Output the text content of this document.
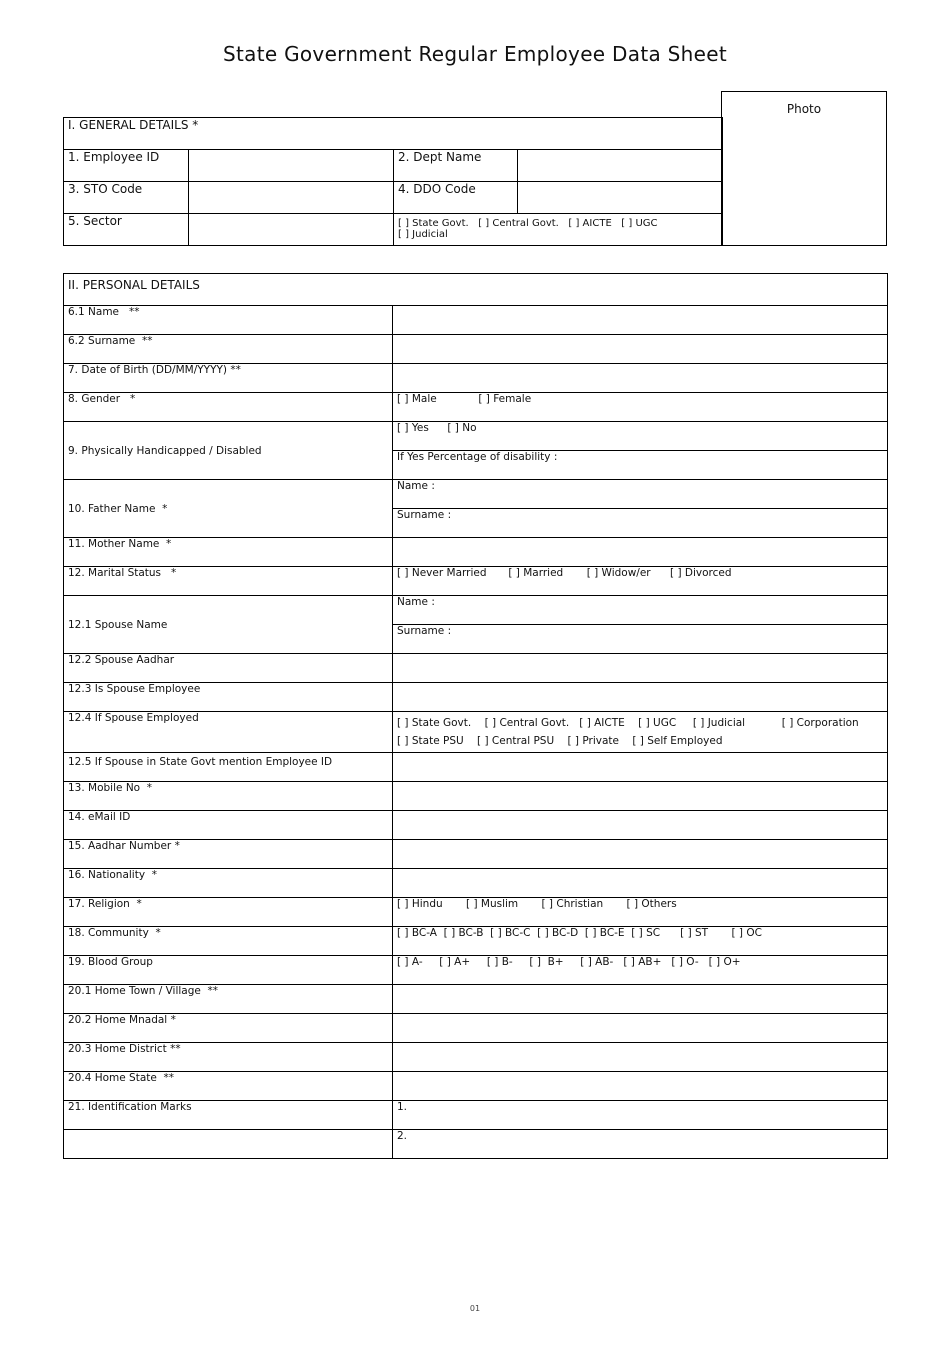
State Government Regular Employee Data Sheet
Photo
I. GENERAL DETAILS *			
1. Employee ID		2. Dept Name	
3. STO Code		4. DDO Code	
5. Sector		[ ] State Govt.   [ ] Central Govt.   [ ] AICTE   [ ] UGC
[ ] Judicial	
II. PERSONAL DETAILS	
6.1 Name   **	
6.2 Surname  **	
7. Date of Birth (DD/MM/YYYY) **	
8. Gender   *	[ ] Male [ ] Female
9. Physically Handicapped / Disabled	[ ] Yes [ ] No
	If Yes Percentage of disability :
10. Father Name  *	Name :
	Surname :
11. Mother Name  *	
12. Marital Status   *	[ ] Never Married [ ] Married [ ] Widow/er [ ] Divorced
12.1 Spouse Name	Name :
	Surname :
12.2 Spouse Aadhar	
12.3 Is Spouse Employee	
12.4 If Spouse Employed	[ ] State Govt.    [ ] Central Govt.   [ ] AICTE    [ ] UGC     [ ] Judicial           [ ] Corporation
[ ] State PSU    [ ] Central PSU    [ ] Private    [ ] Self Employed

12.5 If Spouse in State Govt mention Employee ID	
13. Mobile No  *	
14. eMail ID	
15. Aadhar Number *	
16. Nationality  *	
17. Religion  *	[ ] Hindu       [ ] Muslim       [ ] Christian       [ ] Others
18. Community  *	[ ] BC-A  [ ] BC-B  [ ] BC-C  [ ] BC-D  [ ] BC-E  [ ] SC      [ ] ST       [ ] OC
19. Blood Group	[ ] A-     [ ] A+     [ ] B-     [ ]  B+     [ ] AB-   [ ] AB+   [ ] O-   [ ] O+
20.1 Home Town / Village  **	
20.2 Home Mnadal *	
20.3 Home District **	
20.4 Home State  **	
21. Identification Marks	1.
	2.
01
